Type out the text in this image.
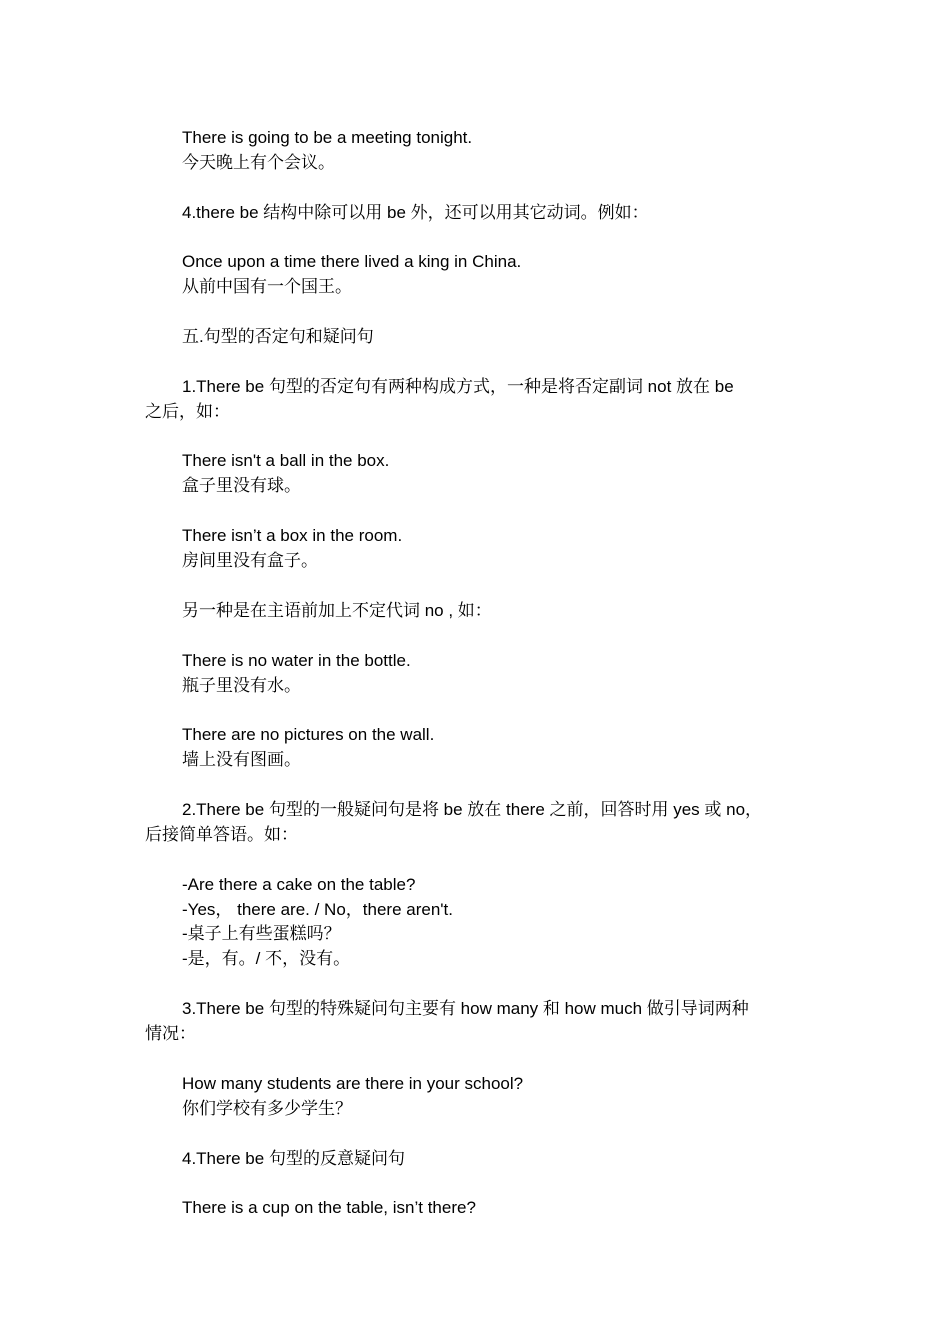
There is going to be a meeting tonight.
今天晚上有个会议。
4.there be 结构中除可以用 be 外，还可以用其它动词。例如：
Once upon a time there lived a king in China.
从前中国有一个国王。
五.句型的否定句和疑问句
1.There be 句型的否定句有两种构成方式，一种是将否定副词 not 放在 be
之后，如：
There isn't a ball in the box.
盒子里没有球。
There isn’t a box in the room.
房间里没有盒子。
另一种是在主语前加上不定代词 no , 如：
There is no water in the bottle.
瓶子里没有水。
There are no pictures on the wall.
墙上没有图画。
2.There be 句型的一般疑问句是将 be 放在 there 之前，回答时用 yes 或 no，
后接简单答语。如：
-Are there a cake on the table?
-Yes， there are. / No，there aren't.
-桌子上有些蛋糕吗？
-是，有。/ 不，没有。
3.There be 句型的特殊疑问句主要有 how many 和 how much 做引导词两种
情况：
How many students are there in your school?
你们学校有多少学生？
4.There be 句型的反意疑问句
There is a cup on the table, isn’t there?
